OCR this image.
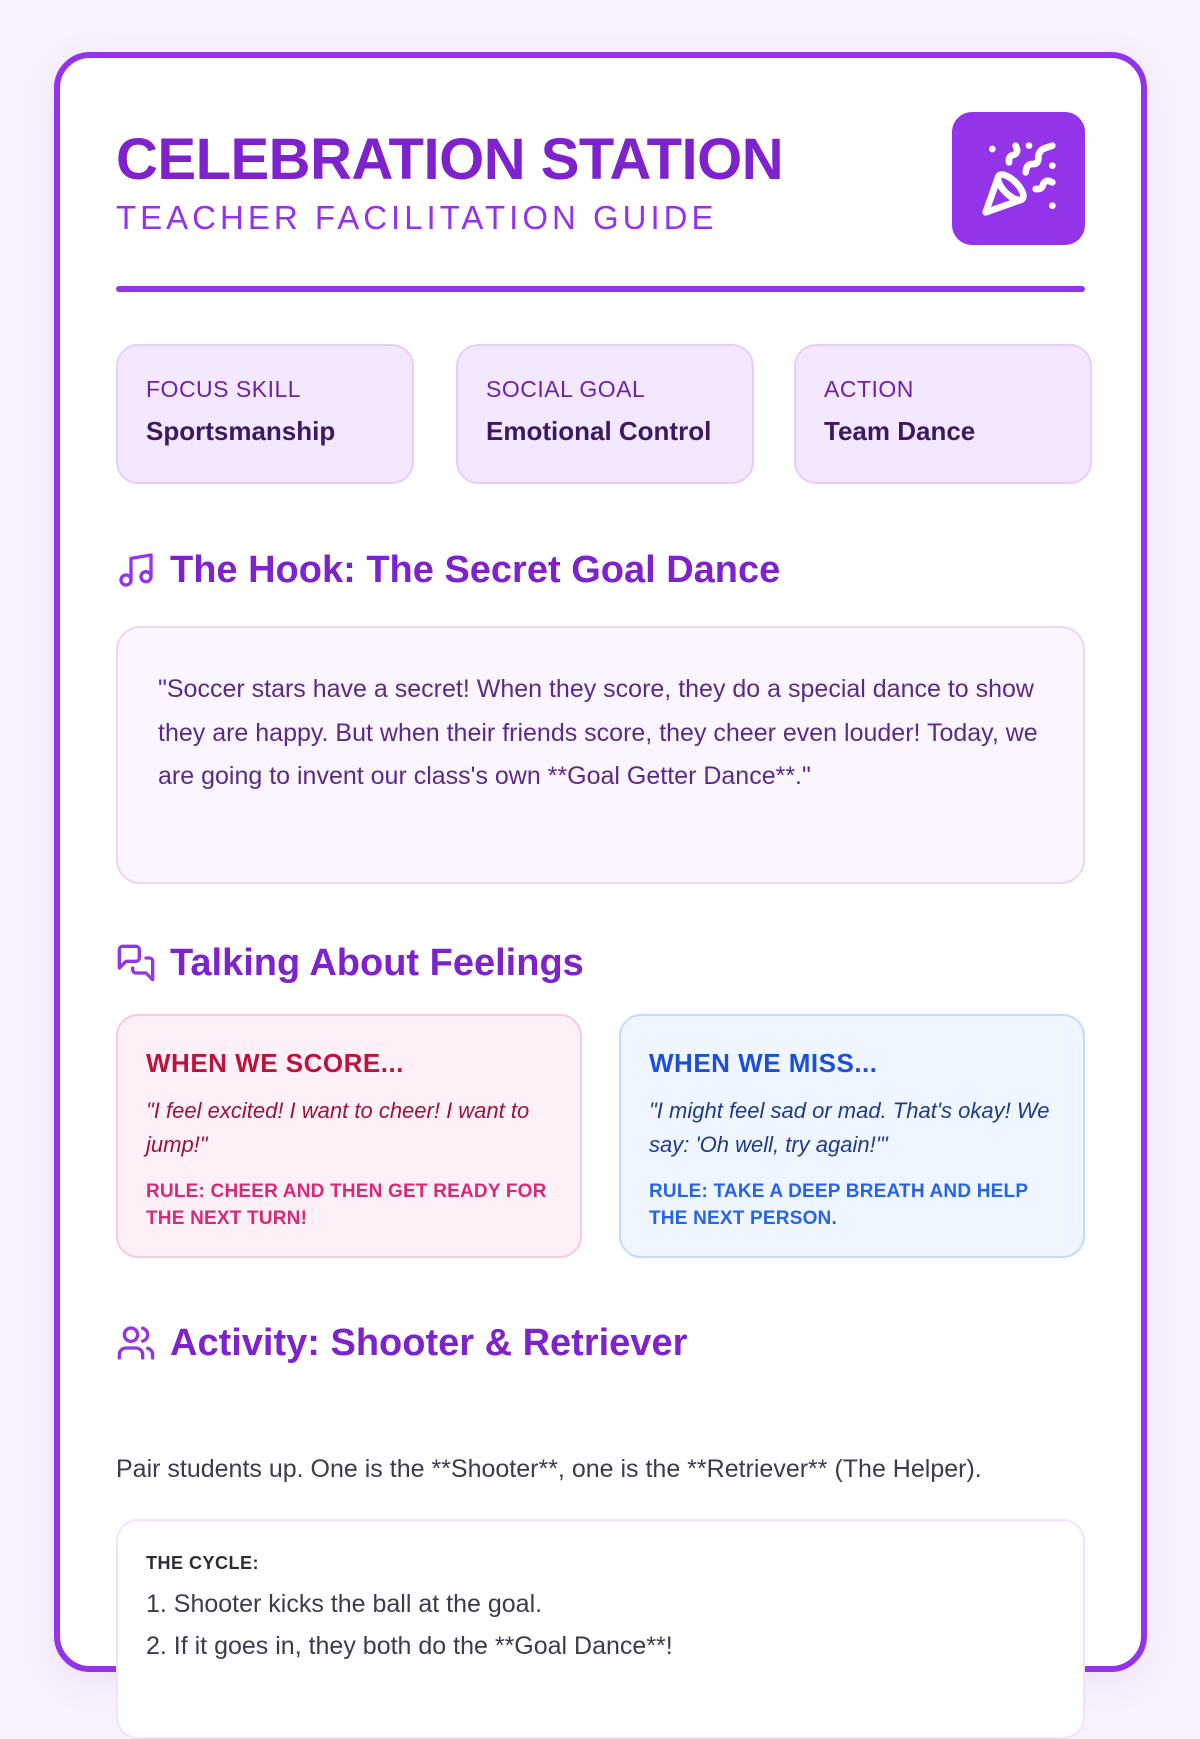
CELEBRATION STATION
TEACHER FACILITATION GUIDE
FOCUS SKILL
Sportsmanship
SOCIAL GOAL
Emotional Control
ACTION
Team Dance
The Hook: The Secret Goal Dance

"Soccer stars have a secret! When they score, they do a special dance to show they are happy. But when their friends score, they cheer even louder! Today, we are going to invent our class's own **Goal Getter Dance**."

Talking About Feelings
WHEN WE SCORE...
"I feel excited! I want to cheer! I want to jump!"
RULE: CHEER AND THEN GET READY FOR THE NEXT TURN!
WHEN WE MISS...
"I might feel sad or mad. That's okay! We say: 'Oh well, try again!'"
RULE: TAKE A DEEP BREATH AND HELP THE NEXT PERSON.
Activity: Shooter & Retriever

Pair students up. One is the **Shooter**, one is the **Retriever** (The Helper).

THE CYCLE:
1. Shooter kicks the ball at the goal.
2. If it goes in, they both do the **Goal Dance**!
